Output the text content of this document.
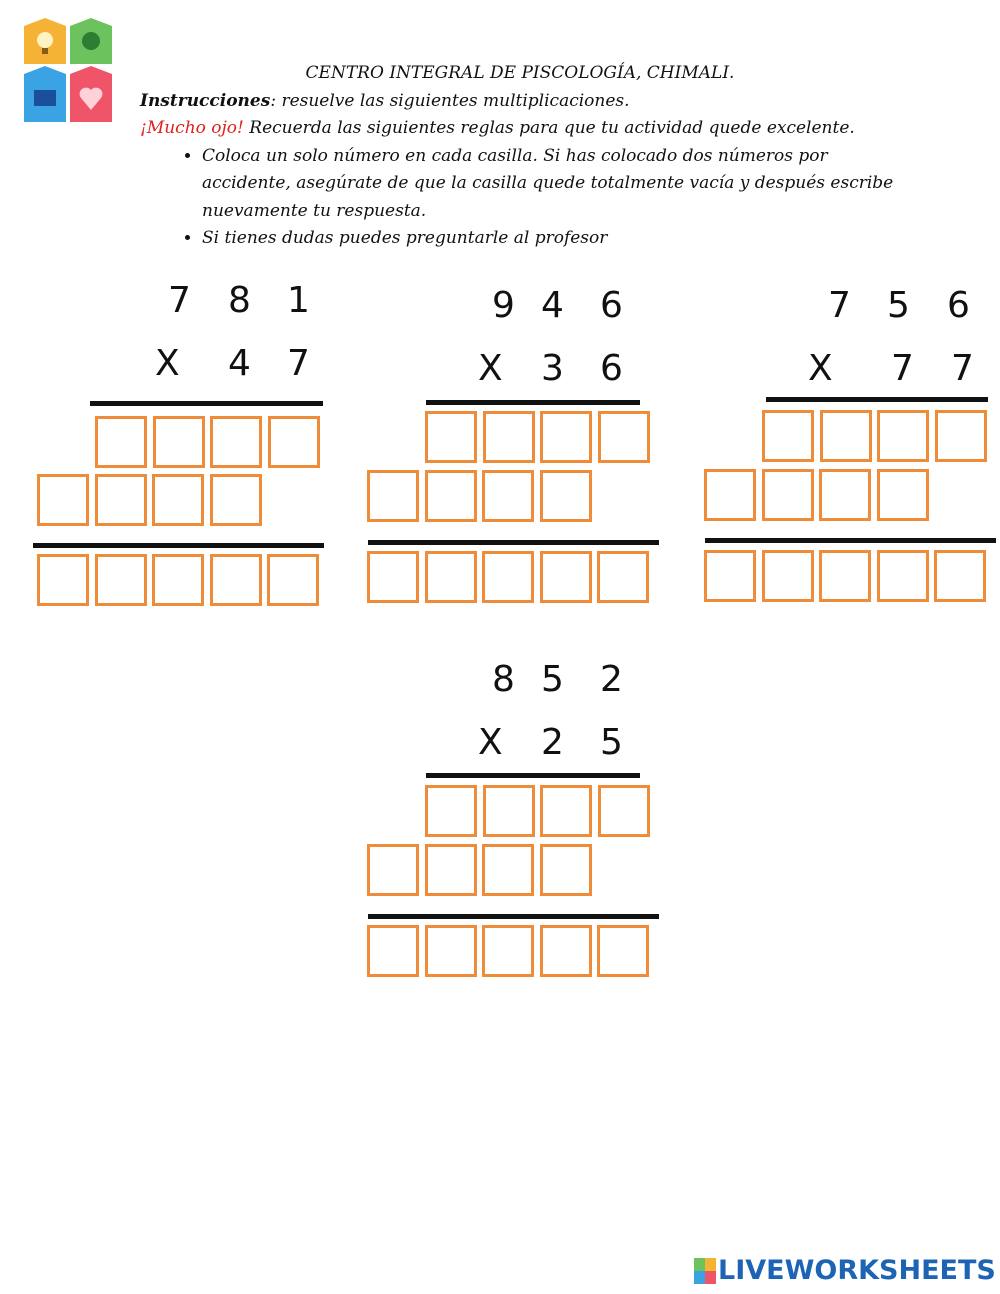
CENTRO INTEGRAL DE PISCOLOGÍA, CHIMALI.
Instrucciones: resuelve las siguientes multiplicaciones.
¡Mucho ojo! Recuerda las siguientes reglas para que tu actividad quede excelente.
• Coloca un solo número en cada casilla. Si has colocado dos números por accidente, asegúrate de que la casilla quede totalmente vacía y después escribe nuevamente tu respuesta.
• Si tienes dudas puedes preguntarle al profesor
7 8 1
X 4 7
9 4 6
X 3 6
7 5 6
X 7 7
8 5 2
X 2 5
LIVEWORKSHEETS
